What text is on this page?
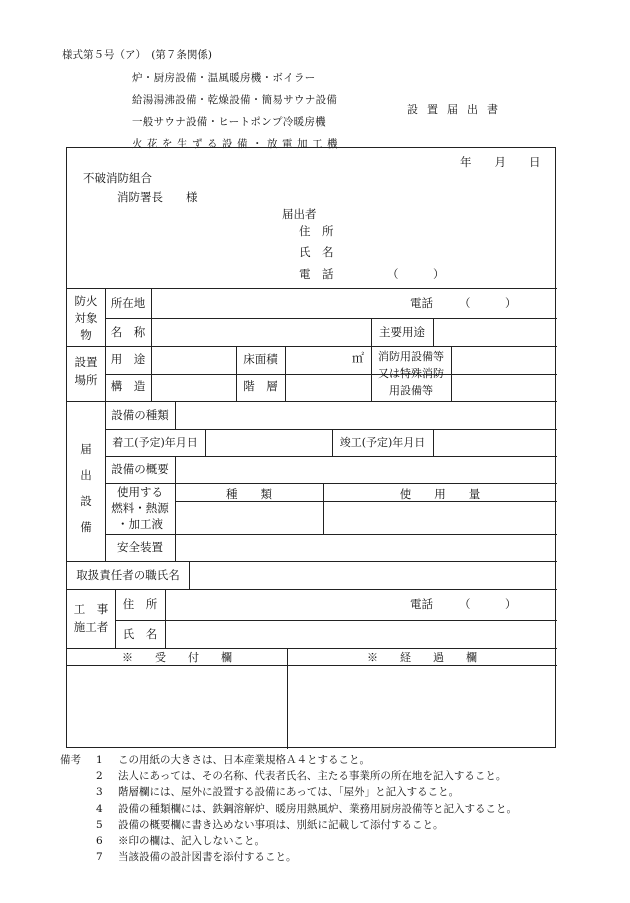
様式第５号（ア）　(第７条関係)
炉・厨房設備・温風暖房機・ボイラー
給湯湯沸設備・乾燥設備・簡易サウナ設備
一般サウナ設備・ヒートポンプ冷暖房機
火花を生ずる設備・放電加工機
設置届出書
年　　月　　日
不破消防組合
消防署長　　様
届出者
住　所
氏　名
電　話	（　　　）
防火
対象
物
所在地	電話 （　　　）
名　称	主要用途
設置
場所
用　途	床面積	㎡	消防用設備等
又は特殊消防
用設備等
構　造	階　層
届
出
設
備
設備の種類
着工(予定)年月日	竣工(予定)年月日
設備の概要
使用する
燃料・熱源
・加工液
種　　類	使　　用　　量
安全装置
取扱責任者の職氏名
工　事
施工者
住　所	電話 （　　　）
氏　名
※　　受　　付　　欄	※　　経　　過　　欄
備考	1	この用紙の大きさは、日本産業規格Ａ４とすること。
2	法人にあっては、その名称、代表者氏名、主たる事業所の所在地を記入すること。
3	階層欄には、屋外に設置する設備にあっては、「屋外」と記入すること。
4	設備の種類欄には、鉄鋼溶解炉、暖房用熱風炉、業務用厨房設備等と記入すること。
5	設備の概要欄に書き込めない事項は、別紙に記載して添付すること。
6	※印の欄は、記入しないこと。
7	当該設備の設計図書を添付すること。
